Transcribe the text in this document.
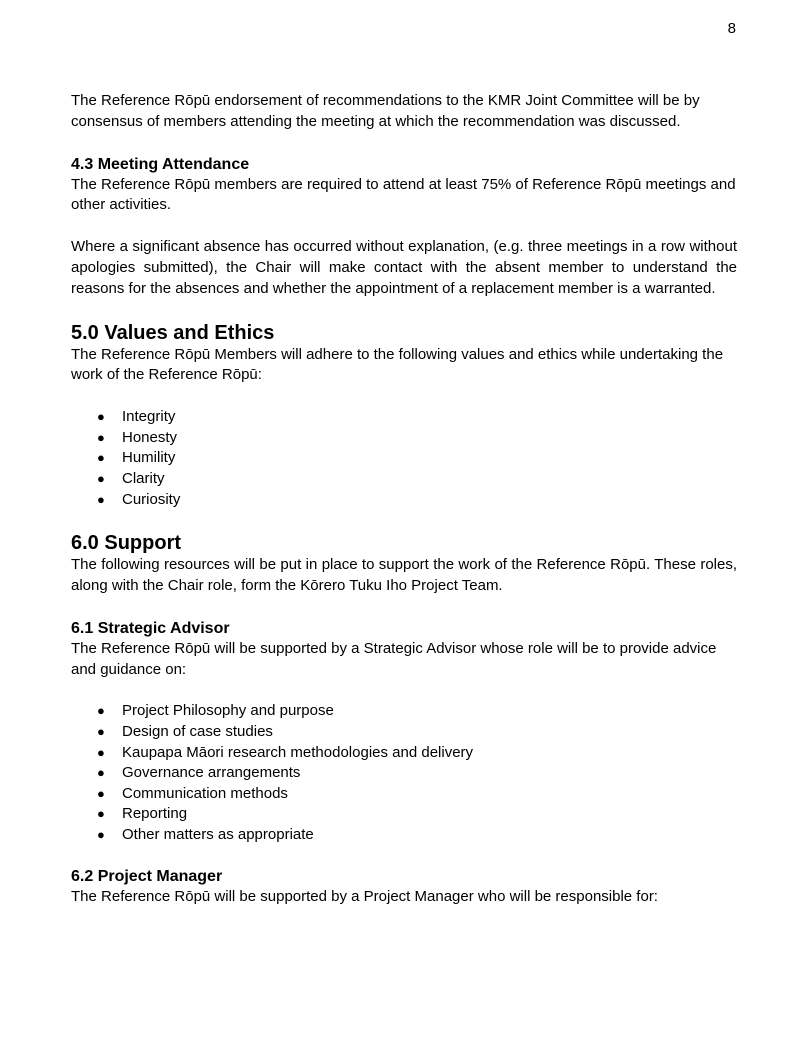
8

The Reference Rōpū endorsement of recommendations to the KMR Joint Committee will be by consensus of members attending the meeting at which the recommendation was discussed.

4.3 Meeting Attendance

The Reference Rōpū members are required to attend at least 75% of Reference Rōpū meetings and other activities.

Where a significant absence has occurred without explanation, (e.g. three meetings in a row without apologies submitted), the Chair will make contact with the absent member to understand the reasons for the absences and whether the appointment of a replacement member is a warranted.

5.0 Values and Ethics

The Reference Rōpū Members will adhere to the following values and ethics while undertaking the work of the Reference Rōpū:

● Integrity
● Honesty
● Humility
● Clarity
● Curiosity
6.0 Support

The following resources will be put in place to support the work of the Reference Rōpū. These roles, along with the Chair role, form the Kōrero Tuku Iho Project Team.

6.1 Strategic Advisor

The Reference Rōpū will be supported by a Strategic Advisor whose role will be to provide advice and guidance on:

● Project Philosophy and purpose
● Design of case studies
● Kaupapa Māori research methodologies and delivery
● Governance arrangements
● Communication methods
● Reporting
● Other matters as appropriate
6.2 Project Manager

The Reference Rōpū will be supported by a Project Manager who will be responsible for:
